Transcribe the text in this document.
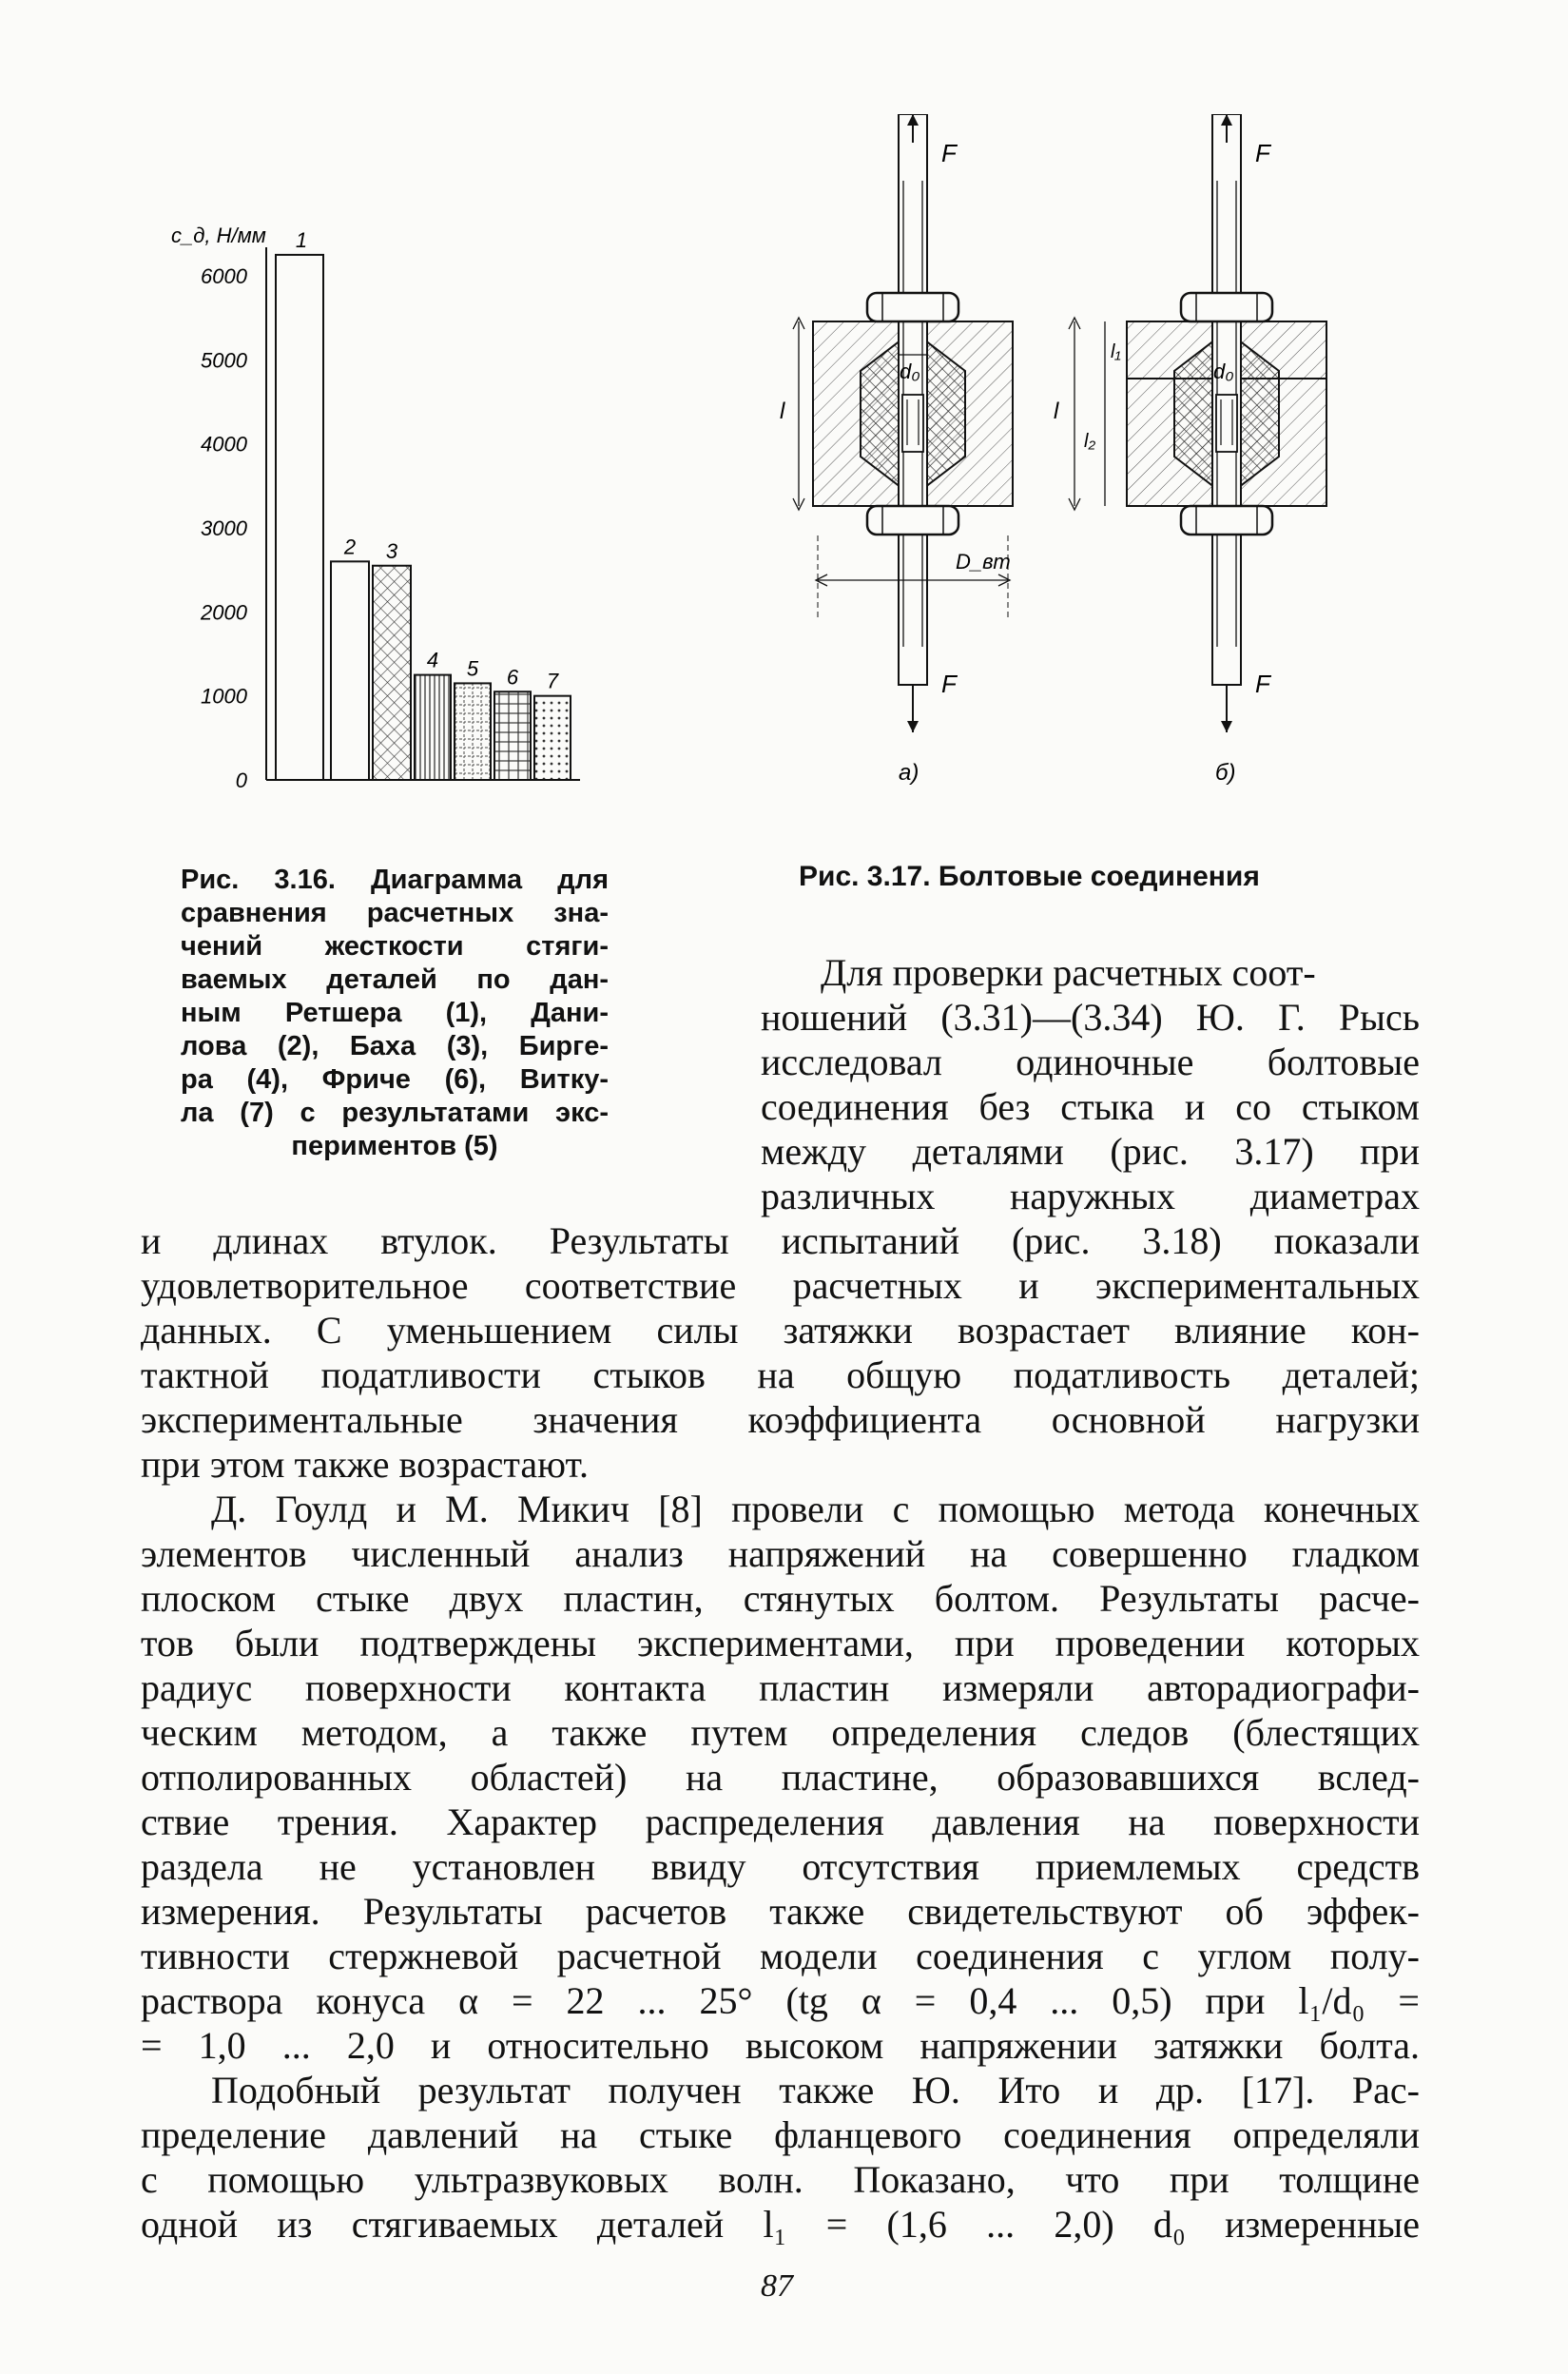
с_д, Н/мм
6000
5000
4000
3000
2000
1000
0
1
2 3
4 5 6 7
d₀
l
D_вт
F
F
а)
d₀
l
l₁
l₂
F
F
б)
Рис. 3.16. Диаграмма для
сравнения расчетных зна-
чений жесткости стяги-
ваемых деталей по дан-
ным Ретшера (1), Дани-
лова (2), Баха (3), Бирге-
ра (4), Фриче (6), Витку-
ла (7) с результатами экс-
периментов (5)
Рис. 3.17. Болтовые соединения
Для проверки расчетных соот-
ношений (3.31)—(3.34) Ю. Г. Рысь
исследовал одиночные болтовые
соединения без стыка и со стыком
между деталями (рис. 3.17) при
различных наружных диаметрах
и длинах втулок. Результаты испытаний (рис. 3.18) показали
удовлетворительное соответствие расчетных и экспериментальных
данных. С уменьшением силы затяжки возрастает влияние кон-
тактной податливости стыков на общую податливость деталей;
экспериментальные значения коэффициента основной нагрузки
при этом также возрастают.
Д. Гоулд и М. Микич [8] провели с помощью метода конечных
элементов численный анализ напряжений на совершенно гладком
плоском стыке двух пластин, стянутых болтом. Результаты расче-
тов были подтверждены экспериментами, при проведении которых
радиус поверхности контакта пластин измеряли авторадиографи-
ческим методом, а также путем определения следов (блестящих
отполированных областей) на пластине, образовавшихся вслед-
ствие трения. Характер распределения давления на поверхности
раздела не установлен ввиду отсутствия приемлемых средств
измерения. Результаты расчетов также свидетельствуют об эффек-
тивности стержневой расчетной модели соединения с углом полу-
раствора конуса α = 22 ... 25° (tg α = 0,4 ... 0,5) при l₁/d₀ =
= 1,0 ... 2,0 и относительно высоком напряжении затяжки болта.
Подобный результат получен также Ю. Ито и др. [17]. Рас-
пределение давлений на стыке фланцевого соединения определяли
с помощью ультразвуковых волн. Показано, что при толщине
одной из стягиваемых деталей l₁ = (1,6 ... 2,0) d₀ измеренные
87
